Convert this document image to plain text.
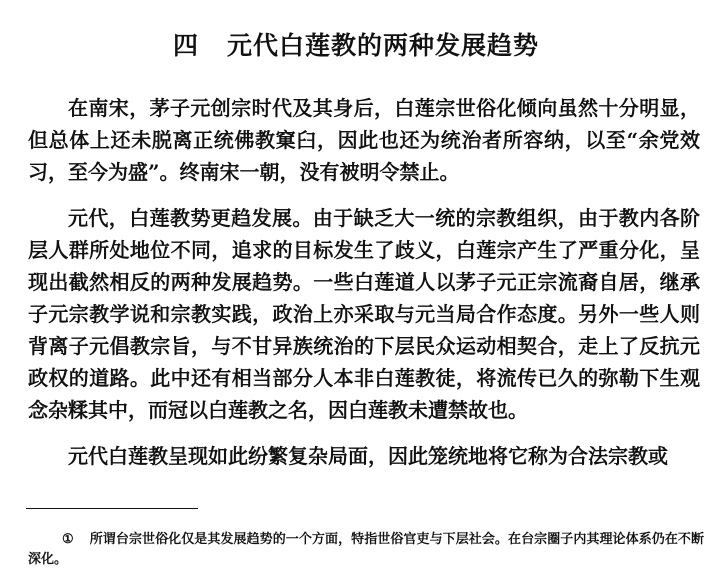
四 元代白莲教的两种发展趋势

在南宋，茅子元创宗时代及其身后，白莲宗世俗化倾向虽然十分明显，但总体上还未脱离正统佛教窠臼，因此也还为统治者所容纳，以至“余党效习，至今为盛”。终南宋一朝，没有被明令禁止。

元代，白莲教势更趋发展。由于缺乏大一统的宗教组织，由于教内各阶层人群所处地位不同，追求的目标发生了歧义，白莲宗产生了严重分化，呈现出截然相反的两种发展趋势。一些白莲道人以茅子元正宗流裔自居，继承子元宗教学说和宗教实践，政治上亦采取与元当局合作态度。另外一些人则背离子元倡教宗旨，与不甘异族统治的下层民众运动相契合，走上了反抗元政权的道路。此中还有相当部分人本非白莲教徒，将流传已久的弥勒下生观念杂糅其中，而冠以白莲教之名，因白莲教未遭禁故也。

元代白莲教呈现如此纷繁复杂局面，因此笼统地将它称为合法宗教或

① 所谓台宗世俗化仅是其发展趋势的一个方面，特指世俗官吏与下层社会。在台宗圈子内其理论体系仍在不断深化。
